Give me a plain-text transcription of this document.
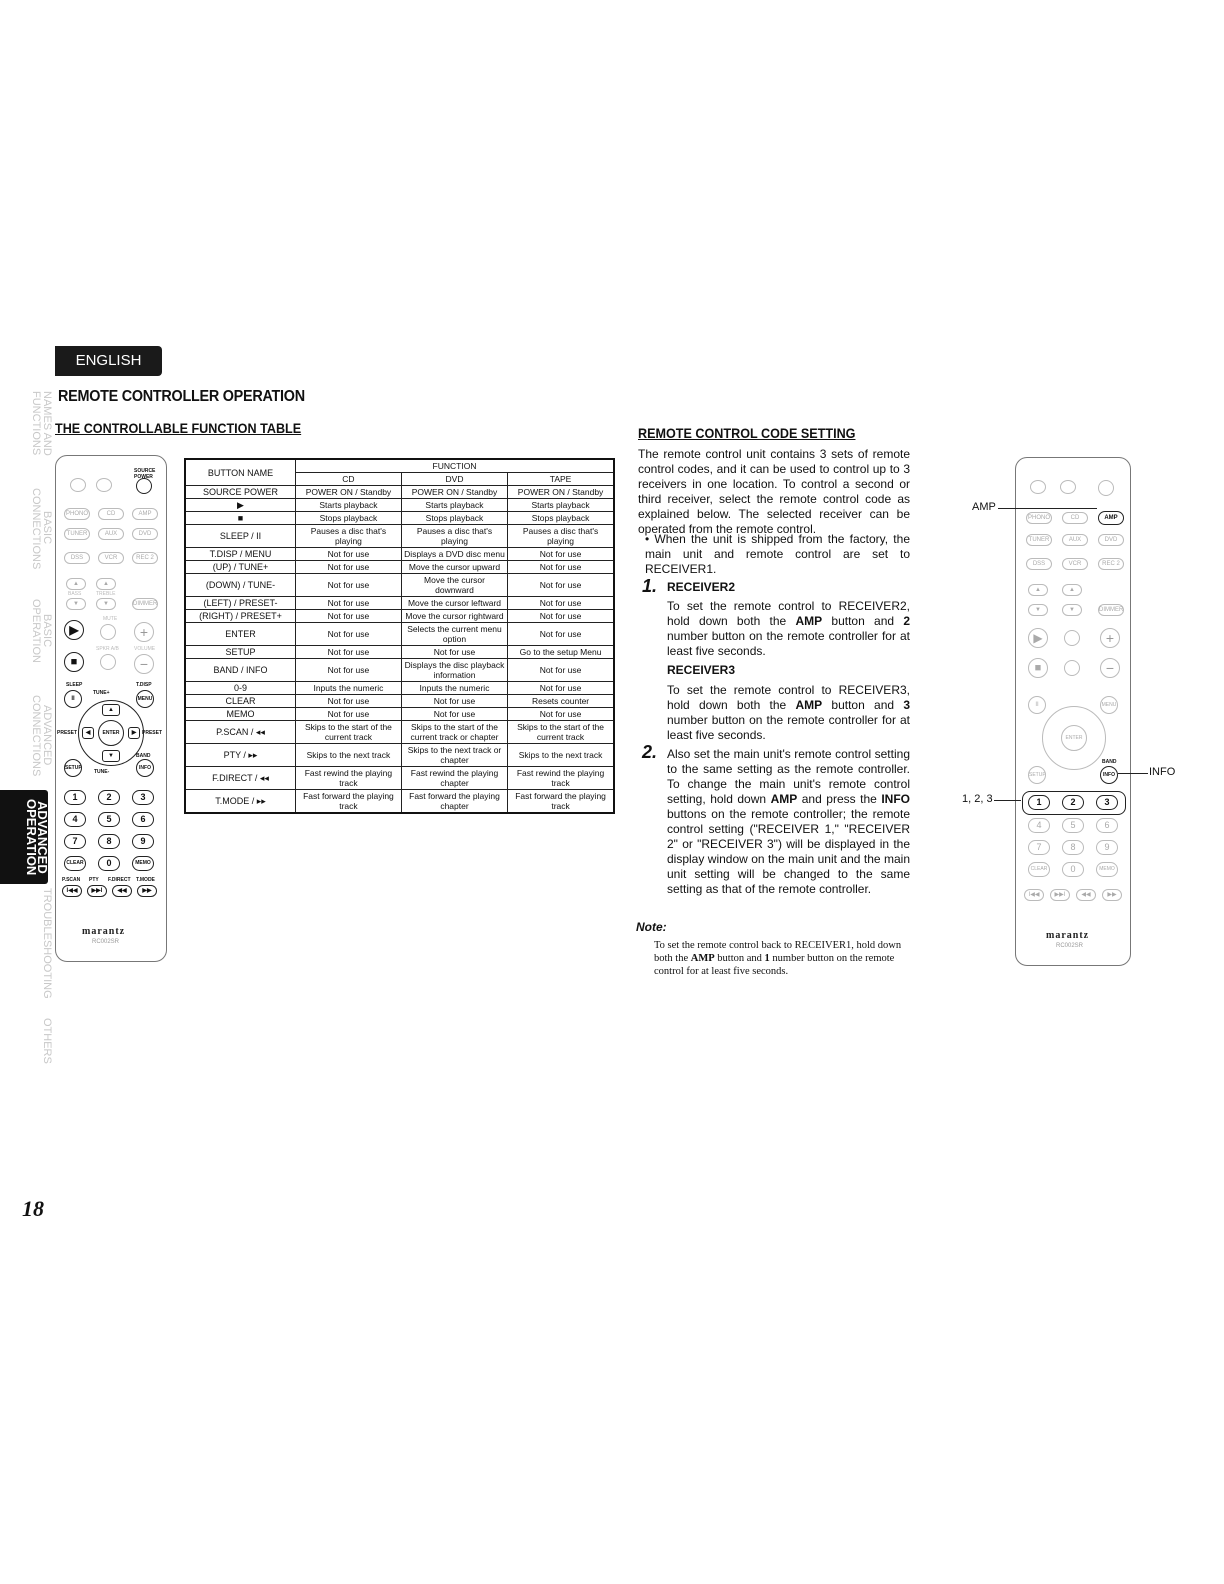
ENGLISH
REMOTE CONTROLLER OPERATION
THE CONTROLLABLE FUNCTION TABLE
NAMES AND FUNCTIONS
BASIC CONNECTIONS
BASIC OPERATION
ADVANCED CONNECTIONS
ADVANCED OPERATION
TROUBLESHOOTING
OTHERS
SOURCE POWER
PHONO	CD	AMP
TUNER	AUX	DVD
DSS	VCR	REC 2
▲	▲
BASS	TREBLE
▼	▼	DIMMER
▶
MUTE
+
SPKR A/B	VOLUME
■	−
SLEEP	T.DISP
II
TUNE+
MENU
▲
▼
◀	▶
ENTER
PRESET	PRESET
SETUP
BAND
INFO
TUNE-
1	2	3
4	5	6
7	8	9
CLEAR	0	MEMO
P.SCAN PTY F.DIRECT T.MODE
I◀◀	▶▶I	◀◀	▶▶
marantz
RC002SR
BUTTON NAME	FUNCTION		
	CD	DVD	TAPE
SOURCE POWER	POWER ON / Standby	POWER ON / Standby	POWER ON / Standby
▶	Starts playback	Starts playback	Starts playback
■	Stops playback	Stops playback	Stops playback
SLEEP / II	Pauses a disc that's playing	Pauses a disc that's playing	Pauses a disc that's playing
T.DISP / MENU	Not for use	Displays a DVD disc menu	Not for use
(UP) / TUNE+	Not for use	Move the cursor upward	Not for use
(DOWN) / TUNE-	Not for use	Move the cursor downward	Not for use
(LEFT) / PRESET-	Not for use	Move the cursor leftward	Not for use
(RIGHT) / PRESET+	Not for use	Move the cursor rightward	Not for use
ENTER	Not for use	Selects the current menu option	Not for use
SETUP	Not for use	Not for use	Go to the setup Menu
BAND / INFO	Not for use	Displays the disc playback information	Not for use
0-9	Inputs the numeric	Inputs the numeric	Not for use
CLEAR	Not for use	Not for use	Resets counter
MEMO	Not for use	Not for use	Not for use
P.SCAN / ◂◂	Skips to the start of the current track	Skips to the start of the current track or chapter	Skips to the start of the current track
PTY / ▸▸	Skips to the next track	Skips to the next track or chapter	Skips to the next track
F.DIRECT / ◂◂	Fast rewind the playing track	Fast rewind the playing chapter	Fast rewind the playing track
T.MODE / ▸▸	Fast forward the playing track	Fast forward the playing chapter	Fast forward the playing track
REMOTE CONTROL CODE SETTING
The remote control unit contains 3 sets of remote control codes, and it can be used to control up to 3 receivers in one location. To control a second or third receiver, select the remote control code as explained below. The selected receiver can be operated from the remote control.
• When the unit is shipped from the factory, the main unit and remote control are set to RECEIVER1.
1. RECEIVER2
To set the remote control to RECEIVER2, hold down both the AMP button and 2 number button on the remote controller for at least five seconds.
RECEIVER3
To set the remote control to RECEIVER3, hold down both the AMP button and 3 number button on the remote controller for at least five seconds.
2. Also set the main unit's remote control setting to the same setting as the remote controller. To change the main unit's remote control setting, hold down AMP and press the INFO buttons on the remote controller; the remote control setting ("RECEIVER 1," "RECEIVER 2" or "RECEIVER 3") will be displayed in the display window on the main unit and the main unit setting will be changed to the same setting as that of the remote controller.
Note:
To set the remote control back to RECEIVER1, hold down both the AMP button and 1 number button on the remote control for at least five seconds.
PHONO	CD	AMP
TUNER	AUX	DVD
DSS	VCR	REC 2
▲	▲
▼	▼	DIMMER
▶	+
■	−
II	MENU
ENTER
SETUP
BAND
INFO
1	2	3
4	5	6
7	8	9
CLEAR	0	MEMO
I◀◀	▶▶I	◀◀	▶▶
marantz
RC002SR
AMP
INFO
1, 2, 3
18
